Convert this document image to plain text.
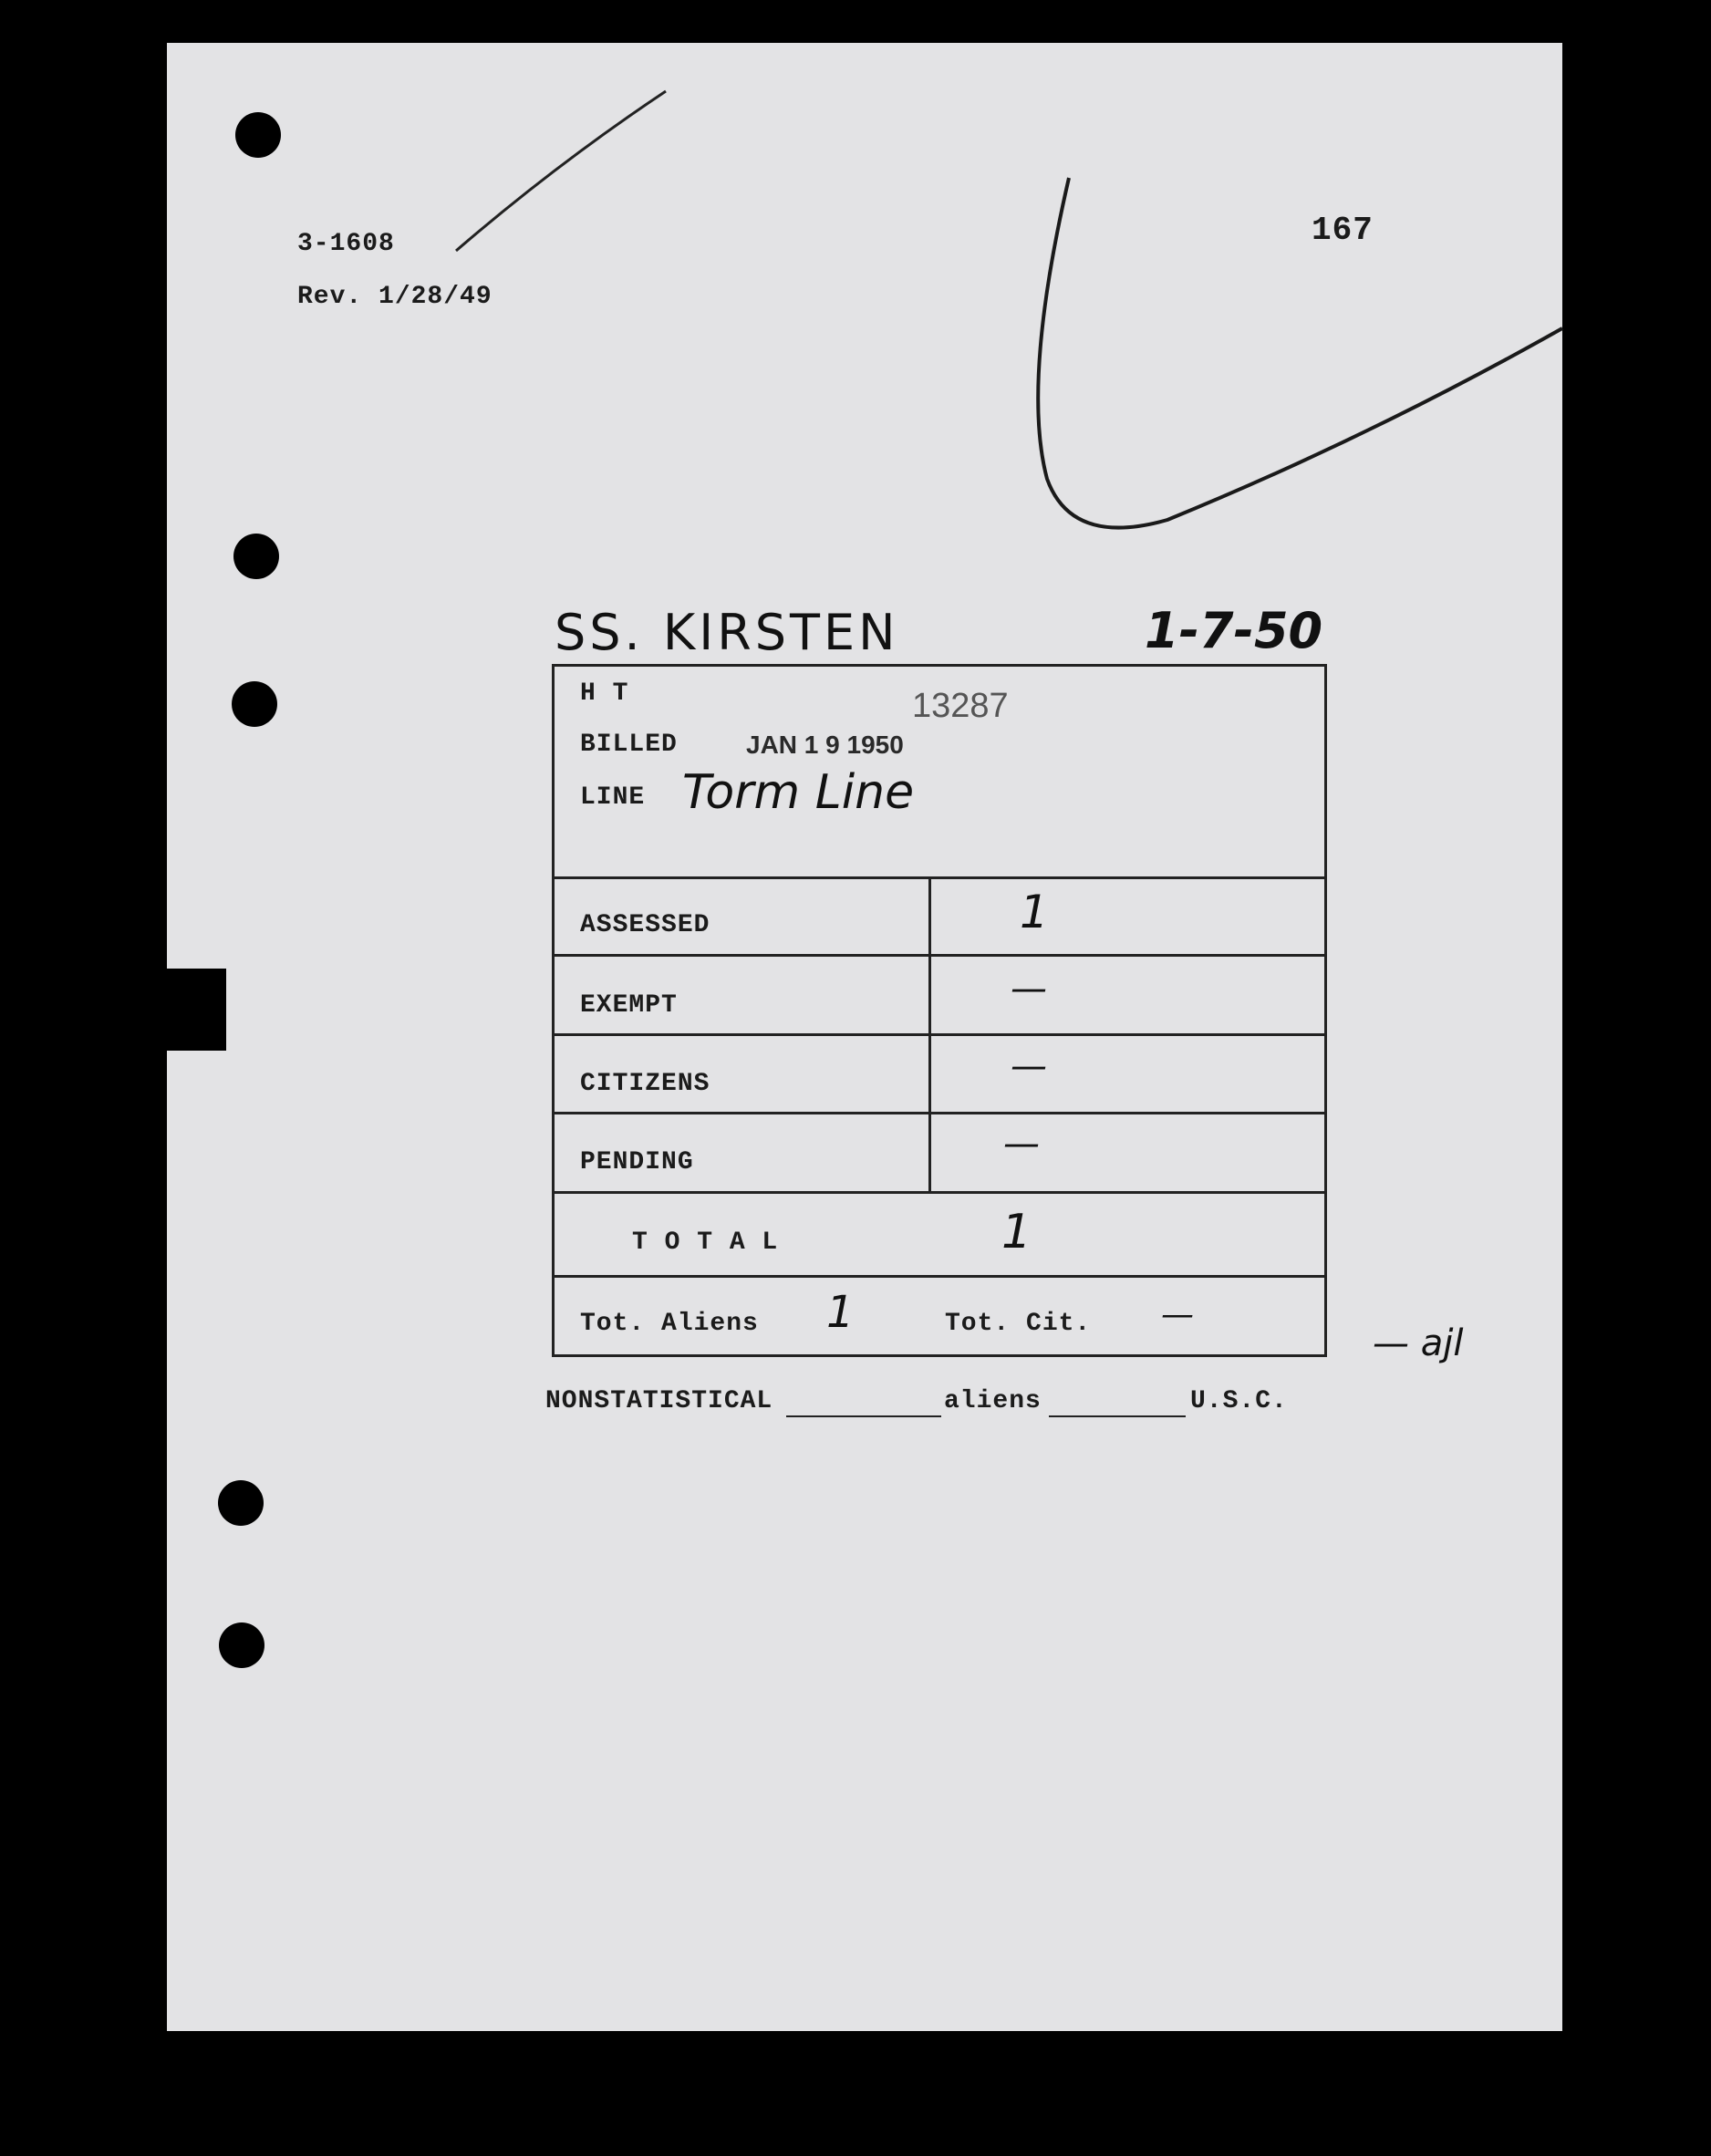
3-1608
Rev. 1/28/49
167
SS. KIRSTEN	1-7-50
H T	13287
BILLED	JAN 1 9 1950
LINE Torm Line
ASSESSED	1
EXEMPT	—
CITIZENS	—
PENDING	—
T O T A L	1
Tot. Aliens 1	Tot. Cit. —
— ajl
NONSTATISTICAL	aliens	U.S.C.
